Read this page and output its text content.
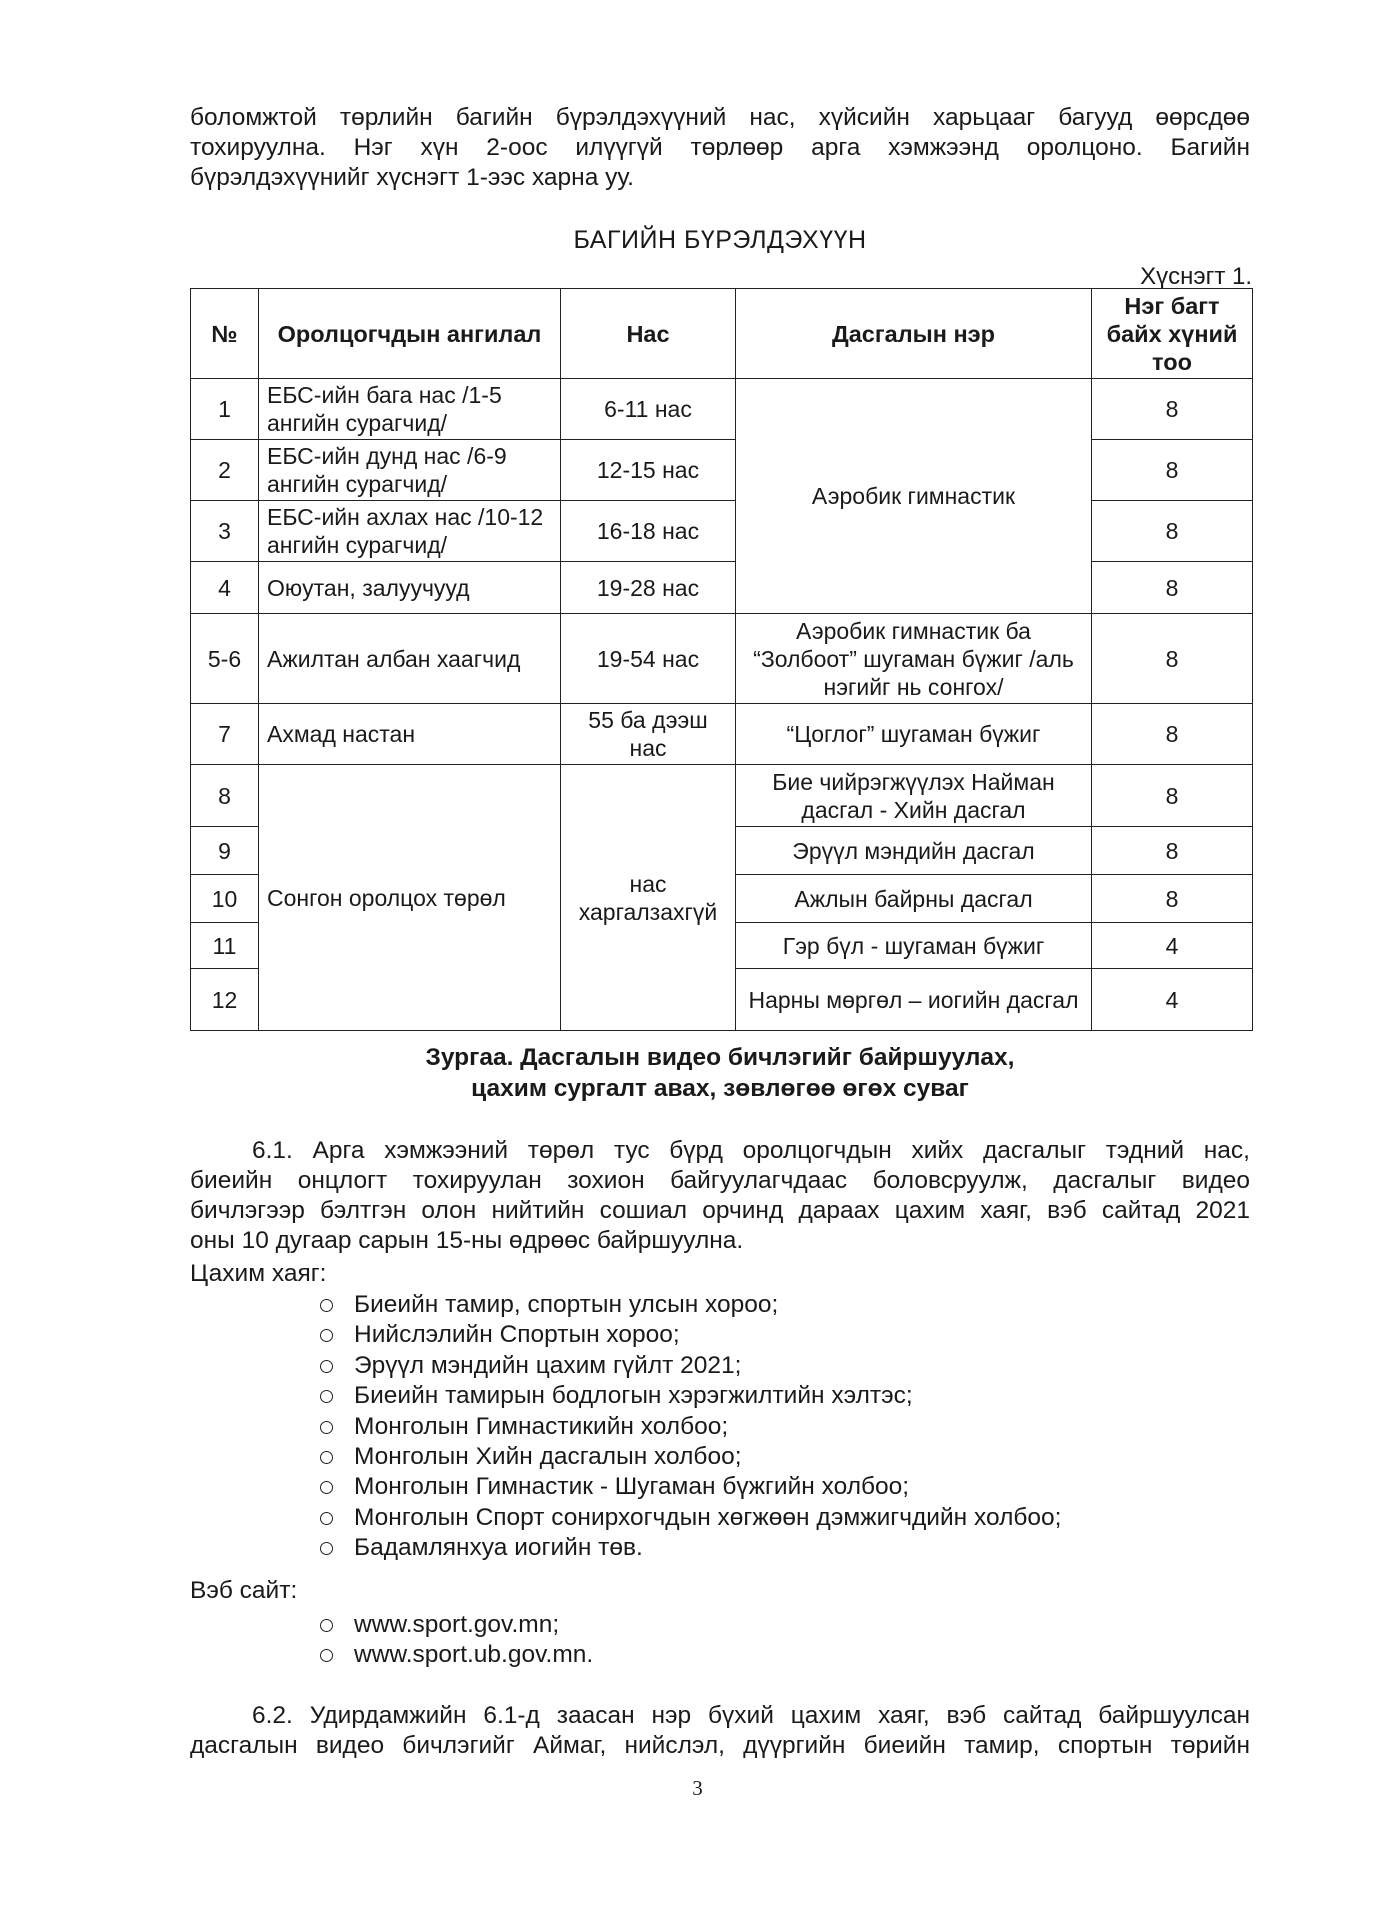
боломжтой төрлийн багийн бүрэлдэхүүний нас, хүйсийн харьцааг багууд өөрсдөө

тохируулна. Нэг хүн 2-оос илүүгүй төрлөөр арга хэмжээнд оролцоно. Багийн

бүрэлдэхүүнийг хүснэгт 1-ээс харна уу.

БАГИЙН БҮРЭЛДЭХҮҮН
Хүснэгт 1.
№	Оролцогчдын ангилал	Нас	Дасгалын нэр	Нэг багт байх хүний тоо
1	ЕБС-ийн бага нас /1-5 ангийн сурагчид/	6-11 нас	Аэробик гимнастик	8
2	ЕБС-ийн дунд нас /6-9 ангийн сурагчид/	12-15 нас		8
3	ЕБС-ийн ахлах нас /10-12 ангийн сурагчид/	16-18 нас		8
4	Оюутан, залуучууд	19-28 нас		8
5-6	Ажилтан албан хаагчид	19-54 нас	Аэробик гимнастик ба “Золбоот” шугаман бүжиг /аль нэгийг нь сонгох/	8
7	Ахмад настан	55 ба дээш нас	“Цоглог” шугаман бүжиг	8
8	Сонгон оролцох төрөл	нас харгалзахгүй	Бие чийрэгжүүлэх Найман дасгал - Хийн дасгал	8
9			Эрүүл мэндийн дасгал	8
10			Ажлын байрны дасгал	8
11			Гэр бүл - шугаман бүжиг	4
12			Нарны мөргөл – иогийн дасгал	4
Зургаа. Дасгалын видео бичлэгийг байршуулах,
цахим сургалт авах, зөвлөгөө өгөх суваг

6.1. Арга хэмжээний төрөл тус бүрд оролцогчдын хийх дасгалыг тэдний нас,

биеийн онцлогт тохируулан зохион байгуулагчдаас боловсруулж, дасгалыг видео

бичлэгээр бэлтгэн олон нийтийн сошиал орчинд дараах цахим хаяг, вэб сайтад 2021

оны 10 дугаар сарын 15-ны өдрөөс байршуулна.

Цахим хаяг:
Биеийн тамир, спортын улсын хороо;
Нийслэлийн Спортын хороо;
Эрүүл мэндийн цахим гүйлт 2021;
Биеийн тамирын бодлогын хэрэгжилтийн хэлтэс;
Монголын Гимнастикийн холбоо;
Монголын Хийн дасгалын холбоо;
Монголын Гимнастик - Шугаман бүжгийн холбоо;
Монголын Спорт сонирхогчдын хөгжөөн дэмжигчдийн холбоо;
Бадамлянхуа иогийн төв.
Вэб сайт:
www.sport.gov.mn;
www.sport.ub.gov.mn.

6.2. Удирдамжийн 6.1-д заасан нэр бүхий цахим хаяг, вэб сайтад байршуулсан

дасгалын видео бичлэгийг Аймаг, нийслэл, дүүргийн биеийн тамир, спортын төрийн

3
